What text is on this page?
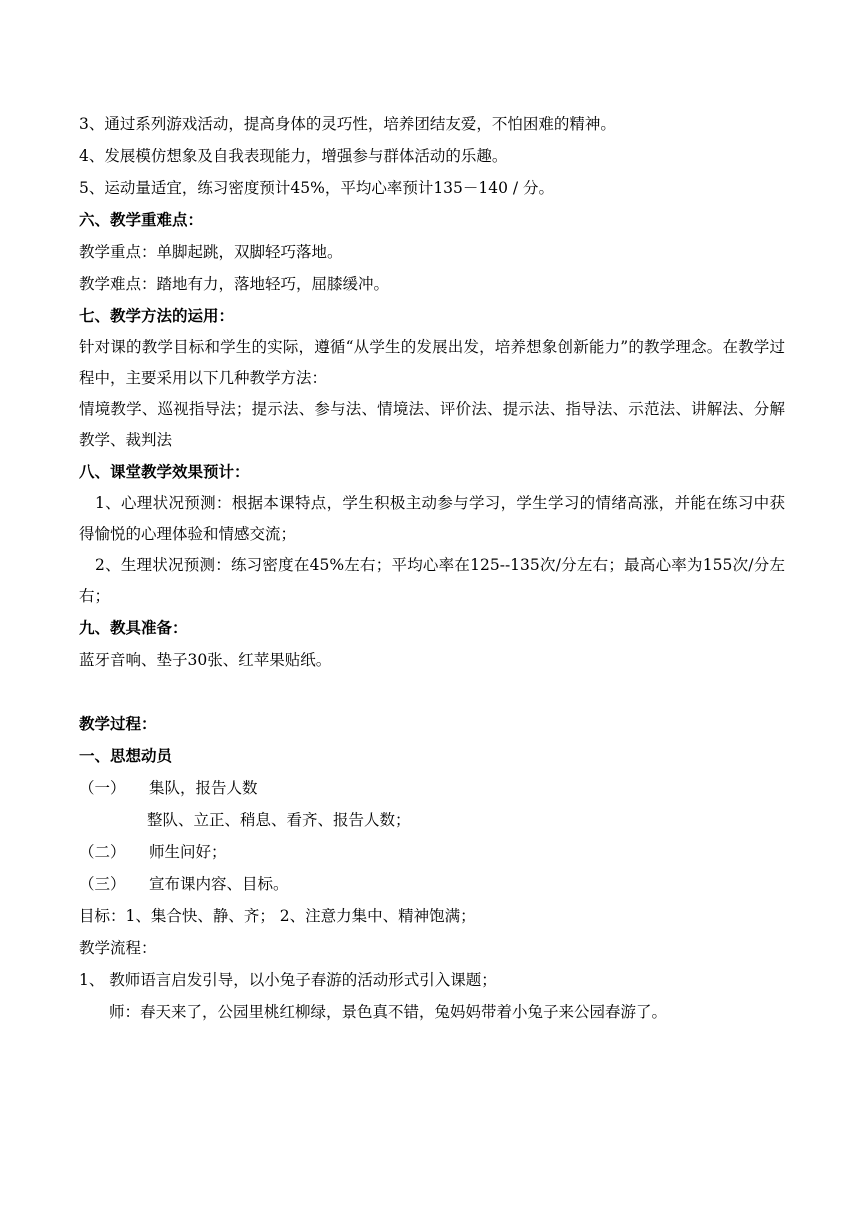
3、通过系列游戏活动，提高身体的灵巧性，培养团结友爱，不怕困难的精神。
4、发展模仿想象及自我表现能力，增强参与群体活动的乐趣。
5、运动量适宜，练习密度预计45%，平均心率预计135－140 / 分。
六、教学重难点：
教学重点：单脚起跳，双脚轻巧落地。
教学难点：踏地有力，落地轻巧，屈膝缓冲。
七、教学方法的运用：
针对课的教学目标和学生的实际，遵循“从学生的发展出发，培养想象创新能力”的教学理念。在教学过程中，主要采用以下几种教学方法：
情境教学、巡视指导法；提示法、参与法、情境法、评价法、提示法、指导法、示范法、讲解法、分解教学、裁判法
八、课堂教学效果预计：
1、心理状况预测：根据本课特点，学生积极主动参与学习，学生学习的情绪高涨，并能在练习中获得愉悦的心理体验和情感交流；
2、生理状况预测：练习密度在45%左右；平均心率在125--135次/分左右；最高心率为155次/分左右；
九、教具准备：
蓝牙音响、垫子30张、红苹果贴纸。
教学过程：
一、思想动员
（一） 集队，报告人数
整队、立正、稍息、看齐、报告人数；
（二） 师生问好；
（三） 宣布课内容、目标。
目标：1、集合快、静、齐； 2、注意力集中、精神饱满；
教学流程：
1、 教师语言启发引导，以小兔子春游的活动形式引入课题；
师：春天来了，公园里桃红柳绿，景色真不错，兔妈妈带着小兔子来公园春游了。
